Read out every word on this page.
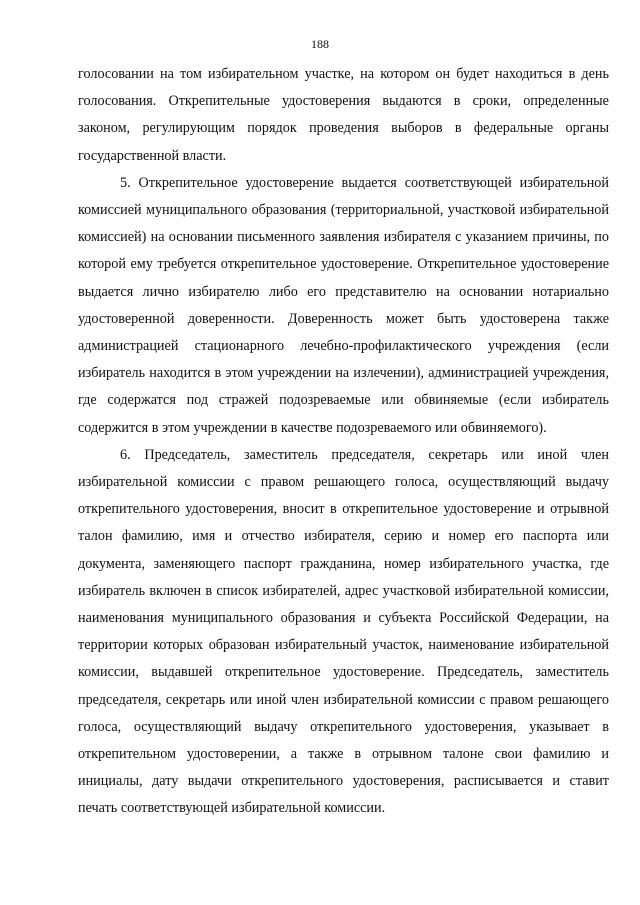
188

голосовании на том избирательном участке, на котором он будет находиться в день голосования. Открепительные удостоверения выдаются в сроки, определенные законом, регулирующим порядок проведения выборов в федеральные органы государственной власти.

5. Открепительное удостоверение выдается соответствующей избирательной комиссией муниципального образования (территориальной, участковой избирательной комиссией) на основании письменного заявления избирателя с указанием причины, по которой ему требуется открепительное удостоверение. Открепительное удостоверение выдается лично избирателю либо его представителю на основании нотариально удостоверенной доверенности. Доверенность может быть удостоверена также администрацией стационарного лечебно-профилактического учреждения (если избиратель находится в этом учреждении на излечении), администрацией учреждения, где содержатся под стражей подозреваемые или обвиняемые (если избиратель содержится в этом учреждении в качестве подозреваемого или обвиняемого).

6. Председатель, заместитель председателя, секретарь или иной член избирательной комиссии с правом решающего голоса, осуществляющий выдачу открепительного удостоверения, вносит в открепительное удостоверение и отрывной талон фамилию, имя и отчество избирателя, серию и номер его паспорта или документа, заменяющего паспорт гражданина, номер избирательного участка, где избиратель включен в список избирателей, адрес участковой избирательной комиссии, наименования муниципального образования и субъекта Российской Федерации, на территории которых образован избирательный участок, наименование избирательной комиссии, выдавшей открепительное удостоверение. Председатель, заместитель председателя, секретарь или иной член избирательной комиссии с правом решающего голоса, осуществляющий выдачу открепительного удостоверения, указывает в открепительном удостоверении, а также в отрывном талоне свои фамилию и инициалы, дату выдачи открепительного удостоверения, расписывается и ставит печать соответствующей избирательной комиссии.
